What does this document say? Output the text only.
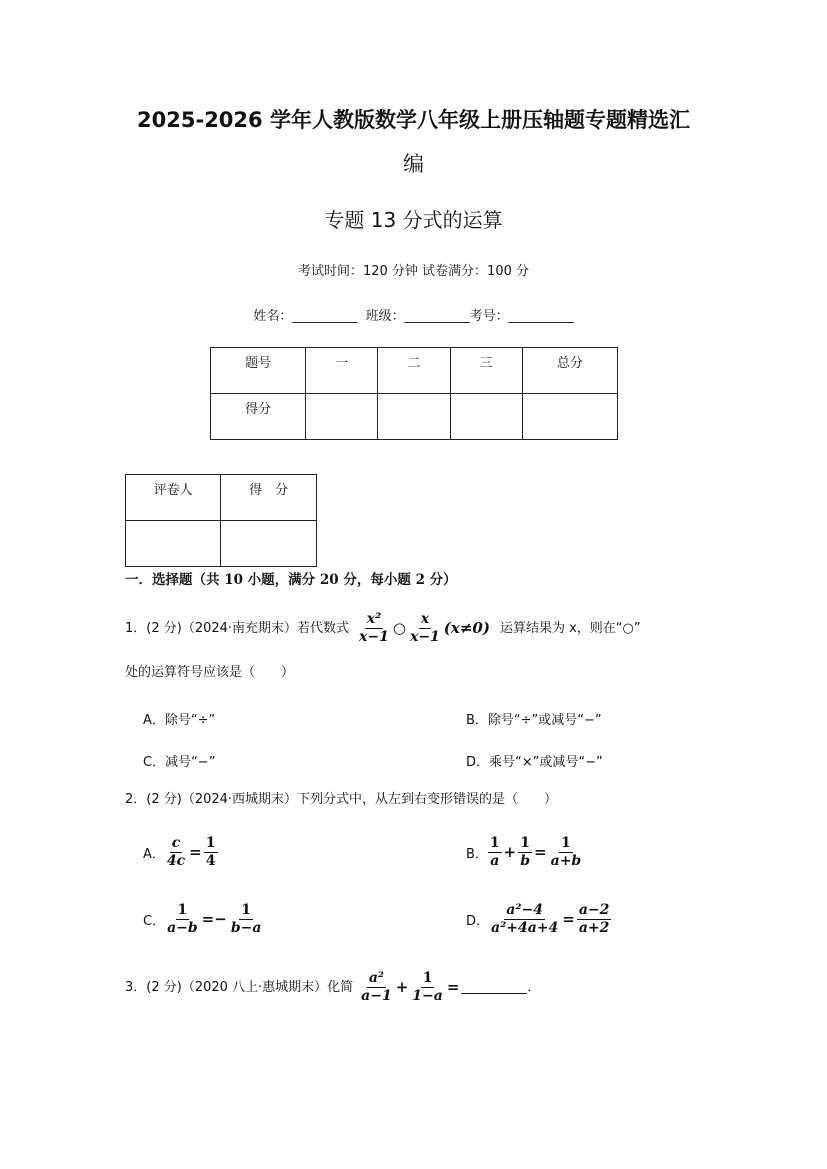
2025-2026 学年人教版数学八年级上册压轴题专题精选汇
编
专题 13 分式的运算
考试时间：120 分钟 试卷满分：100 分
姓名：__________ 班级：__________考号：__________
题号	一	二	三	总分
得分				
评卷人	得　分

一．选择题（共 10 小题，满分 20 分，每小题 2 分）
1．(2 分)（2024·南充期末）若代数式 $\frac{\text{x²}}{x-1}$ ○ $\frac{x}{x-1} (x\ne 0)$ 运算结果为 x，则在“○”
处的运算符号应该是（　　）
A．除号“÷”	B．除号“÷”或减号“−”
C．减号“−”	D．乘号“×”或减号“−”
2．(2 分)（2024·西城期末）下列分式中，从左到右变形错误的是（　　）
A． $\frac{c}{4c} = \frac{1}{4}$	B． $\frac{1}{a} + \frac{1}{b} = \frac{1}{a+b}$
C． $\frac{1}{a-b} =- \frac{1}{b-a}$	D． $\frac{\text{a²−4}}{\text{a²+4a+4}} = \frac{a-2}{a+2}$
3．(2 分)（2020 八上·惠城期末）化简 $\frac{\text{a²}}{a-1} + \frac{1}{1-a}$ =	．
